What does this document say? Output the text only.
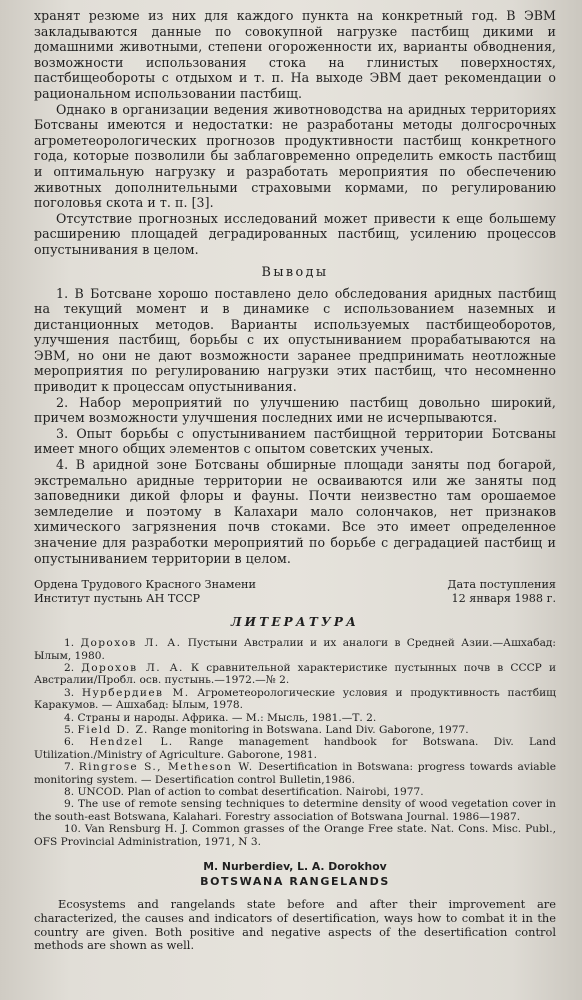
хранят резюме из них для каждого пункта на конкретный год. В ЭВМ закладываются данные по совокупной нагрузке пастбищ дикими и домашними животными, степени огороженности их, варианты обводнения, возможности использования стока на глинистых поверхностях, пастбищеобороты с отдыхом и т. п. На выходе ЭВМ дает рекомендации о рациональном использовании пастбищ.

Однако в организации ведения животноводства на аридных территориях Ботсваны имеются и недостатки: не разработаны методы долгосрочных агрометеорологических прогнозов продуктивности пастбищ конкретного года, которые позволили бы заблаговременно определить емкость пастбищ и оптимальную нагрузку и разработать мероприятия по обеспечению животных дополнительными страховыми кормами, по регулированию поголовья скота и т. п. [3].

Отсутствие прогнозных исследований может привести к еще большему расширению площадей деградированных пастбищ, усилению процессов опустынивания в целом.

Выводы

1. В Ботсване хорошо поставлено дело обследования аридных пастбищ на текущий момент и в динамике с использованием наземных и дистанционных методов. Варианты используемых пастбищеоборотов, улучшения пастбищ, борьбы с их опустыниванием прорабатываются на ЭВМ, но они не дают возможности заранее предпринимать неотложные мероприятия по регулированию нагрузки этих пастбищ, что несомненно приводит к процессам опустынивания.

2. Набор мероприятий по улучшению пастбищ довольно широкий, причем возможности улучшения последних ими не исчерпываются.

3. Опыт борьбы с опустыниванием пастбищной территории Ботсваны имеет много общих элементов с опытом советских ученых.

4. В аридной зоне Ботсваны обширные площади заняты под богарой, экстремально аридные территории не осваиваются или же заняты под заповедники дикой флоры и фауны. Почти неизвестно там орошаемое земледелие и поэтому в Калахари мало солончаков, нет признаков химического загрязнения почв стоками. Все это имеет определенное значение для разработки мероприятий по борьбе с деградацией пастбищ и опустыниванием территории в целом.

Ордена Трудового Красного Знамени
Институт пустынь АН ТССР
Дата поступления
12 января 1988 г.
ЛИТЕРАТУРА

1. Дорохов Л. А. Пустыни Австралии и их аналоги в Средней Азии.—Ашхабад: Ылым, 1980.

2. Дорохов Л. А. К сравнительной характеристике пустынных почв в СССР и Австралии/Пробл. осв. пустынь.—1972.—№ 2.

3. Нурбердиев М. Агрометеорологические условия и продуктивность пастбищ Каракумов. — Ашхабад: Ылым, 1978.

4. Страны и народы. Африка. — М.: Мысль, 1981.—Т. 2.

5. Field D. Z. Range monitoring in Botswana. Land Div. Gaborone, 1977.

6. Hendzel L. Range management handbook for Botswana. Div. Land Utilization./Ministry of Agriculture. Gaborone, 1981.

7. Ringrose S., Metheson W. Desertification in Botswana: progress towards aviable monitoring system. — Desertification control Bulletin,1986.

8. UNCOD. Plan of action to combat desertification. Nairobi, 1977.

9. The use of remote sensing techniques to determine density of wood vegetation cover in the south-east Botswana, Kalahari. Forestry association of Botswana Journal. 1986—1987.

10. Van Rensburg H. J. Common grasses of the Orange Free state. Nat. Cons. Misc. Publ., OFS Provincial Administration, 1971, N 3.

M. Nurberdiev, L. A. Dorokhov
BOTSWANA RANGELANDS

Ecosystems and rangelands state before and after their improvement are characterized, the causes and indicators of desertification, ways how to combat it in the country are given. Both positive and negative aspects of the desertification control methods are shown as well.
